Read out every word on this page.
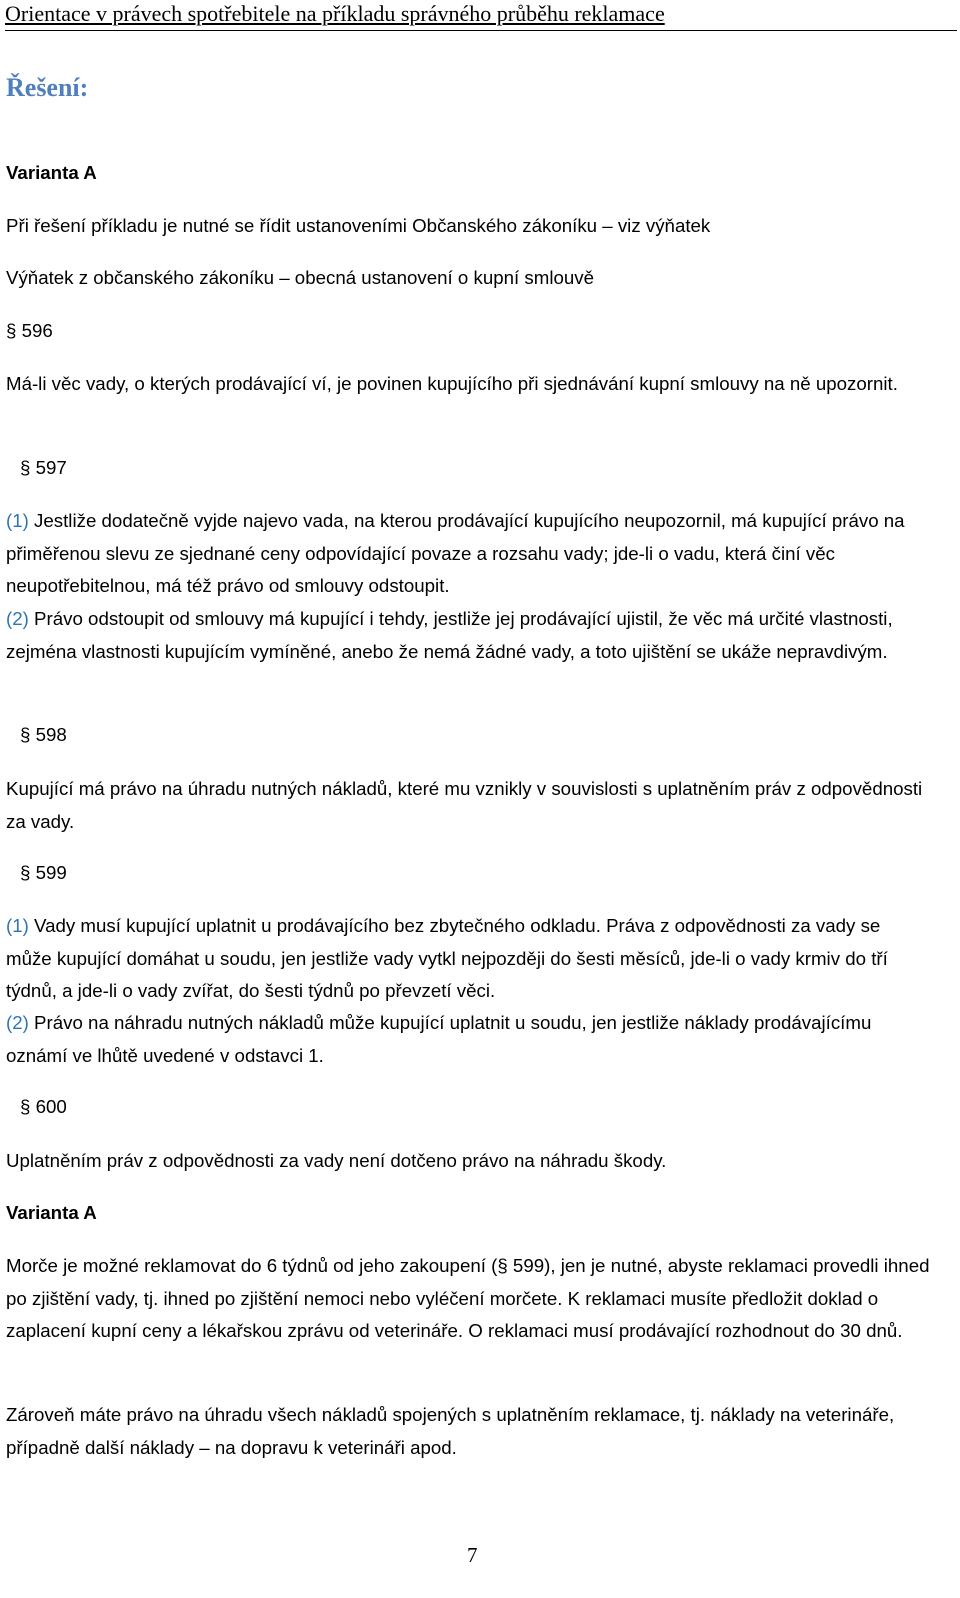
Orientace v právech spotřebitele na příkladu správného průběhu reklamace
Řešení:
Varianta A
Při řešení příkladu je nutné se řídit ustanoveními Občanského zákoníku – viz výňatek
Výňatek z občanského zákoníku – obecná ustanovení o kupní smlouvě
§ 596
Má-li věc vady, o kterých prodávající ví, je povinen kupujícího při sjednávání kupní smlouvy na ně upozornit.
§ 597
(1) Jestliže dodatečně vyjde najevo vada, na kterou prodávající kupujícího neupozornil, má kupující právo na přiměřenou slevu ze sjednané ceny odpovídající povaze a rozsahu vady; jde-li o vadu, která činí věc neupotřebitelnou, má též právo od smlouvy odstoupit.
(2) Právo odstoupit od smlouvy má kupující i tehdy, jestliže jej prodávající ujistil, že věc má určité vlastnosti, zejména vlastnosti kupujícím vymíněné, anebo že nemá žádné vady, a toto ujištění se ukáže nepravdivým.
§ 598
Kupující má právo na úhradu nutných nákladů, které mu vznikly v souvislosti s uplatněním práv z odpovědnosti za vady.
§ 599
(1) Vady musí kupující uplatnit u prodávajícího bez zbytečného odkladu. Práva z odpovědnosti za vady se může kupující domáhat u soudu, jen jestliže vady vytkl nejpozději do šesti měsíců, jde-li o vady krmiv do tří týdnů, a jde-li o vady zvířat, do šesti týdnů po převzetí věci.
(2) Právo na náhradu nutných nákladů může kupující uplatnit u soudu, jen jestliže náklady prodávajícímu oznámí ve lhůtě uvedené v odstavci 1.
§ 600
Uplatněním práv z odpovědnosti za vady není dotčeno právo na náhradu škody.
Varianta A
Morče je možné reklamovat do 6 týdnů od jeho zakoupení (§ 599), jen je nutné, abyste reklamaci provedli ihned po zjištění vady, tj. ihned po zjištění nemoci nebo vyléčení morčete. K reklamaci musíte předložit doklad o zaplacení kupní ceny a lékařskou zprávu od veterináře. O reklamaci musí prodávající rozhodnout do 30 dnů.
Zároveň máte právo na úhradu všech nákladů spojených s uplatněním reklamace, tj. náklady na veterináře, případně další náklady – na dopravu k veterináři apod.
7
